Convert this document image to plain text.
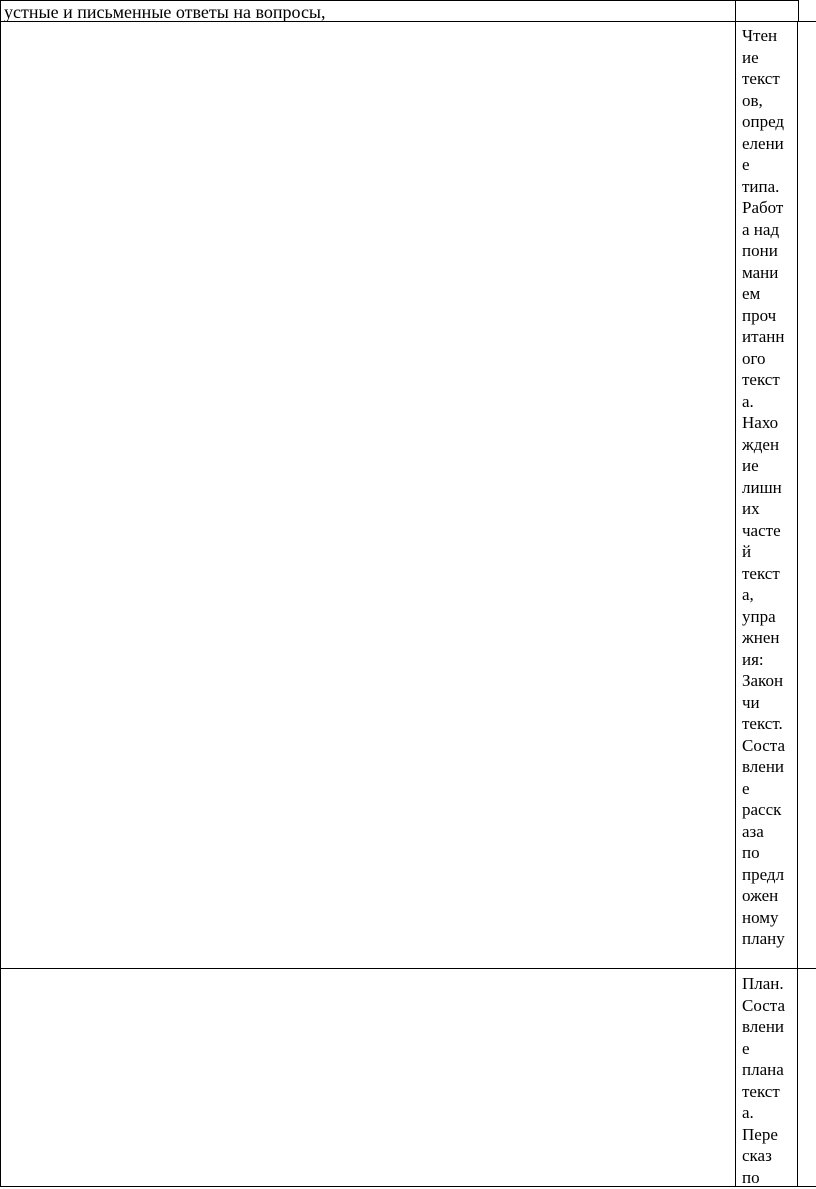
устные и письменные ответы на вопросы,
Чтен
ие
текст
ов,
опред
елени
е
типа.
Работ
а над
пони
мани
ем
проч
итанн
ого
текст
а.
Нахо
жден
ие
лишн
их
часте
й
текст
а,
упра
жнен
ия:
Закон
чи
текст.
Соста
влени
е
расск
аза
по
предл
ожен
ному
плану
План.
Соста
влени
е
плана
текст
а.
Пере
сказ
по
